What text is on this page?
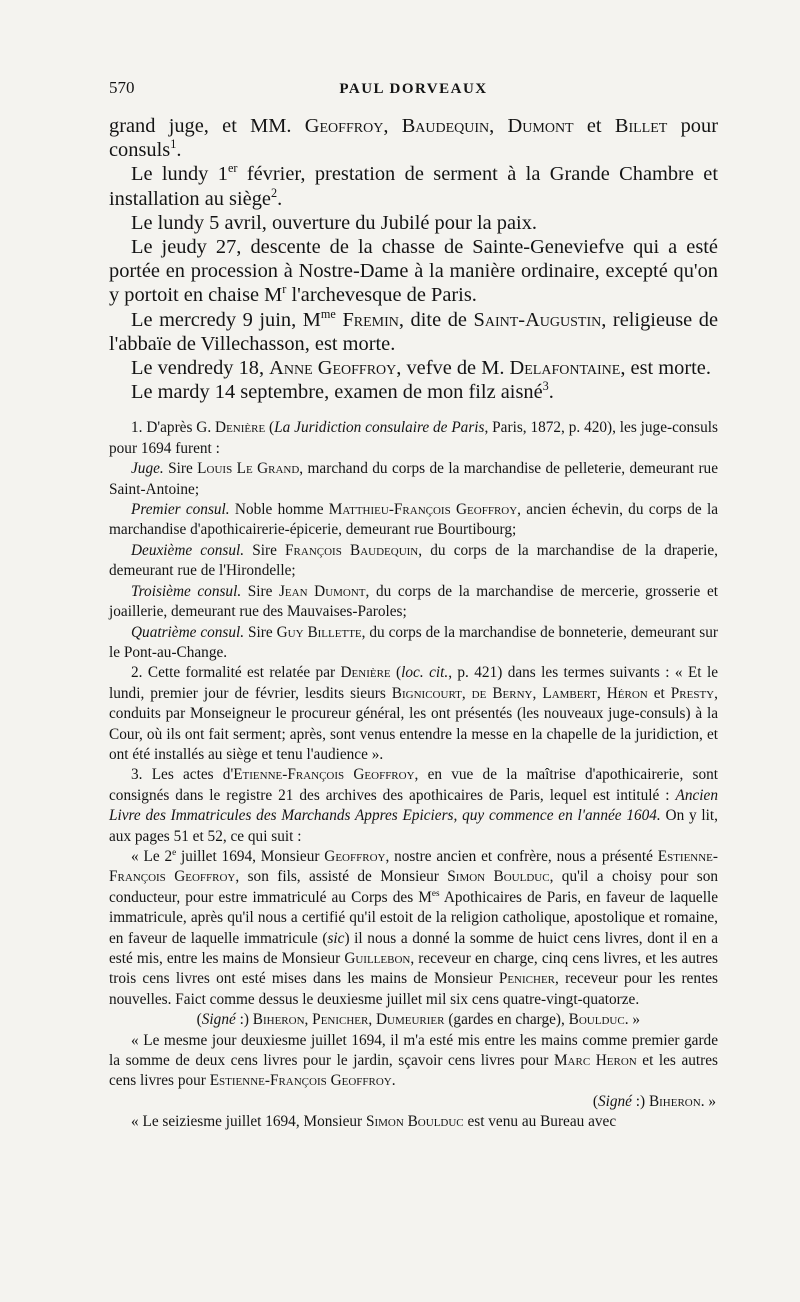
570	PAUL DORVEAUX

grand juge, et MM. Geoffroy, Baudequin, Dumont et Billet pour consuls$^1$.

Le lundy 1er février, prestation de serment à la Grande Chambre et installation au siège$^2$.

Le lundy 5 avril, ouverture du Jubilé pour la paix.

Le jeudy 27, descente de la chasse de Sainte-Geneviefve qui a esté portée en procession à Nostre-Dame à la manière ordinaire, excepté qu'on y portoit en chaise $M^r$ l'archevesque de Paris.

Le mercredy 9 juin, $M^{me}$ Fremin, dite de Saint-Augustin, religieuse de l'abbaïe de Villechasson, est morte.

Le vendredy 18, Anne Geoffroy, vefve de M. Delafontaine, est morte.

Le mardy 14 septembre, examen de mon filz aisné$^3$.

1. D'après G. Denière (La Juridiction consulaire de Paris, Paris, 1872, p. 420), les juge-consuls pour 1694 furent :

Juge. Sire Louis Le Grand, marchand du corps de la marchandise de pelleterie, demeurant rue Saint-Antoine;

Premier consul. Noble homme Matthieu-François Geoffroy, ancien échevin, du corps de la marchandise d'apothicairerie-épicerie, demeurant rue Bourtibourg;

Deuxième consul. Sire François Baudequin, du corps de la marchandise de la draperie, demeurant rue de l'Hirondelle;

Troisième consul. Sire Jean Dumont, du corps de la marchandise de mercerie, grosserie et joaillerie, demeurant rue des Mauvaises-Paroles;

Quatrième consul. Sire Guy Billette, du corps de la marchandise de bonneterie, demeurant sur le Pont-au-Change.

2. Cette formalité est relatée par Denière (loc. cit., p. 421) dans les termes suivants : « Et le lundi, premier jour de février, lesdits sieurs Bignicourt, de Berny, Lambert, Héron et Presty, conduits par Monseigneur le procureur général, les ont présentés (les nouveaux juge-consuls) à la Cour, où ils ont fait serment; après, sont venus entendre la messe en la chapelle de la juridiction, et ont été installés au siège et tenu l'audience ».

3. Les actes d'Etienne-François Geoffroy, en vue de la maîtrise d'apothicairerie, sont consignés dans le registre 21 des archives des apothicaires de Paris, lequel est intitulé : Ancien Livre des Immatricules des Marchands Appres Epiciers, quy commence en l'année 1604. On y lit, aux pages 51 et 52, ce qui suit :

« Le 2e juillet 1694, Monsieur Geoffroy, nostre ancien et confrère, nous a présenté Estienne-François Geoffroy, son fils, assisté de Monsieur Simon Boulduc, qu'il a choisy pour son conducteur, pour estre immatriculé au Corps des $M^{es}$ Apothicaires de Paris, en faveur de laquelle immatricule, après qu'il nous a certifié qu'il estoit de la religion catholique, apostolique et romaine, en faveur de laquelle immatricule (sic) il nous a donné la somme de huict cens livres, dont il en a esté mis, entre les mains de Monsieur Guillebon, receveur en charge, cinq cens livres, et les autres trois cens livres ont esté mises dans les mains de Monsieur Penicher, receveur pour les rentes nouvelles. Faict comme dessus le deuxiesme juillet mil six cens quatre-vingt-quatorze.

(Signé :) Biheron, Penicher, Dumeurier (gardes en charge), Boulduc. »

« Le mesme jour deuxiesme juillet 1694, il m'a esté mis entre les mains comme premier garde la somme de deux cens livres pour le jardin, sçavoir cens livres pour Marc Heron et les autres cens livres pour Estienne-François Geoffroy.

(Signé :) Biheron. »

« Le seiziesme juillet 1694, Monsieur Simon Boulduc est venu au Bureau avec
